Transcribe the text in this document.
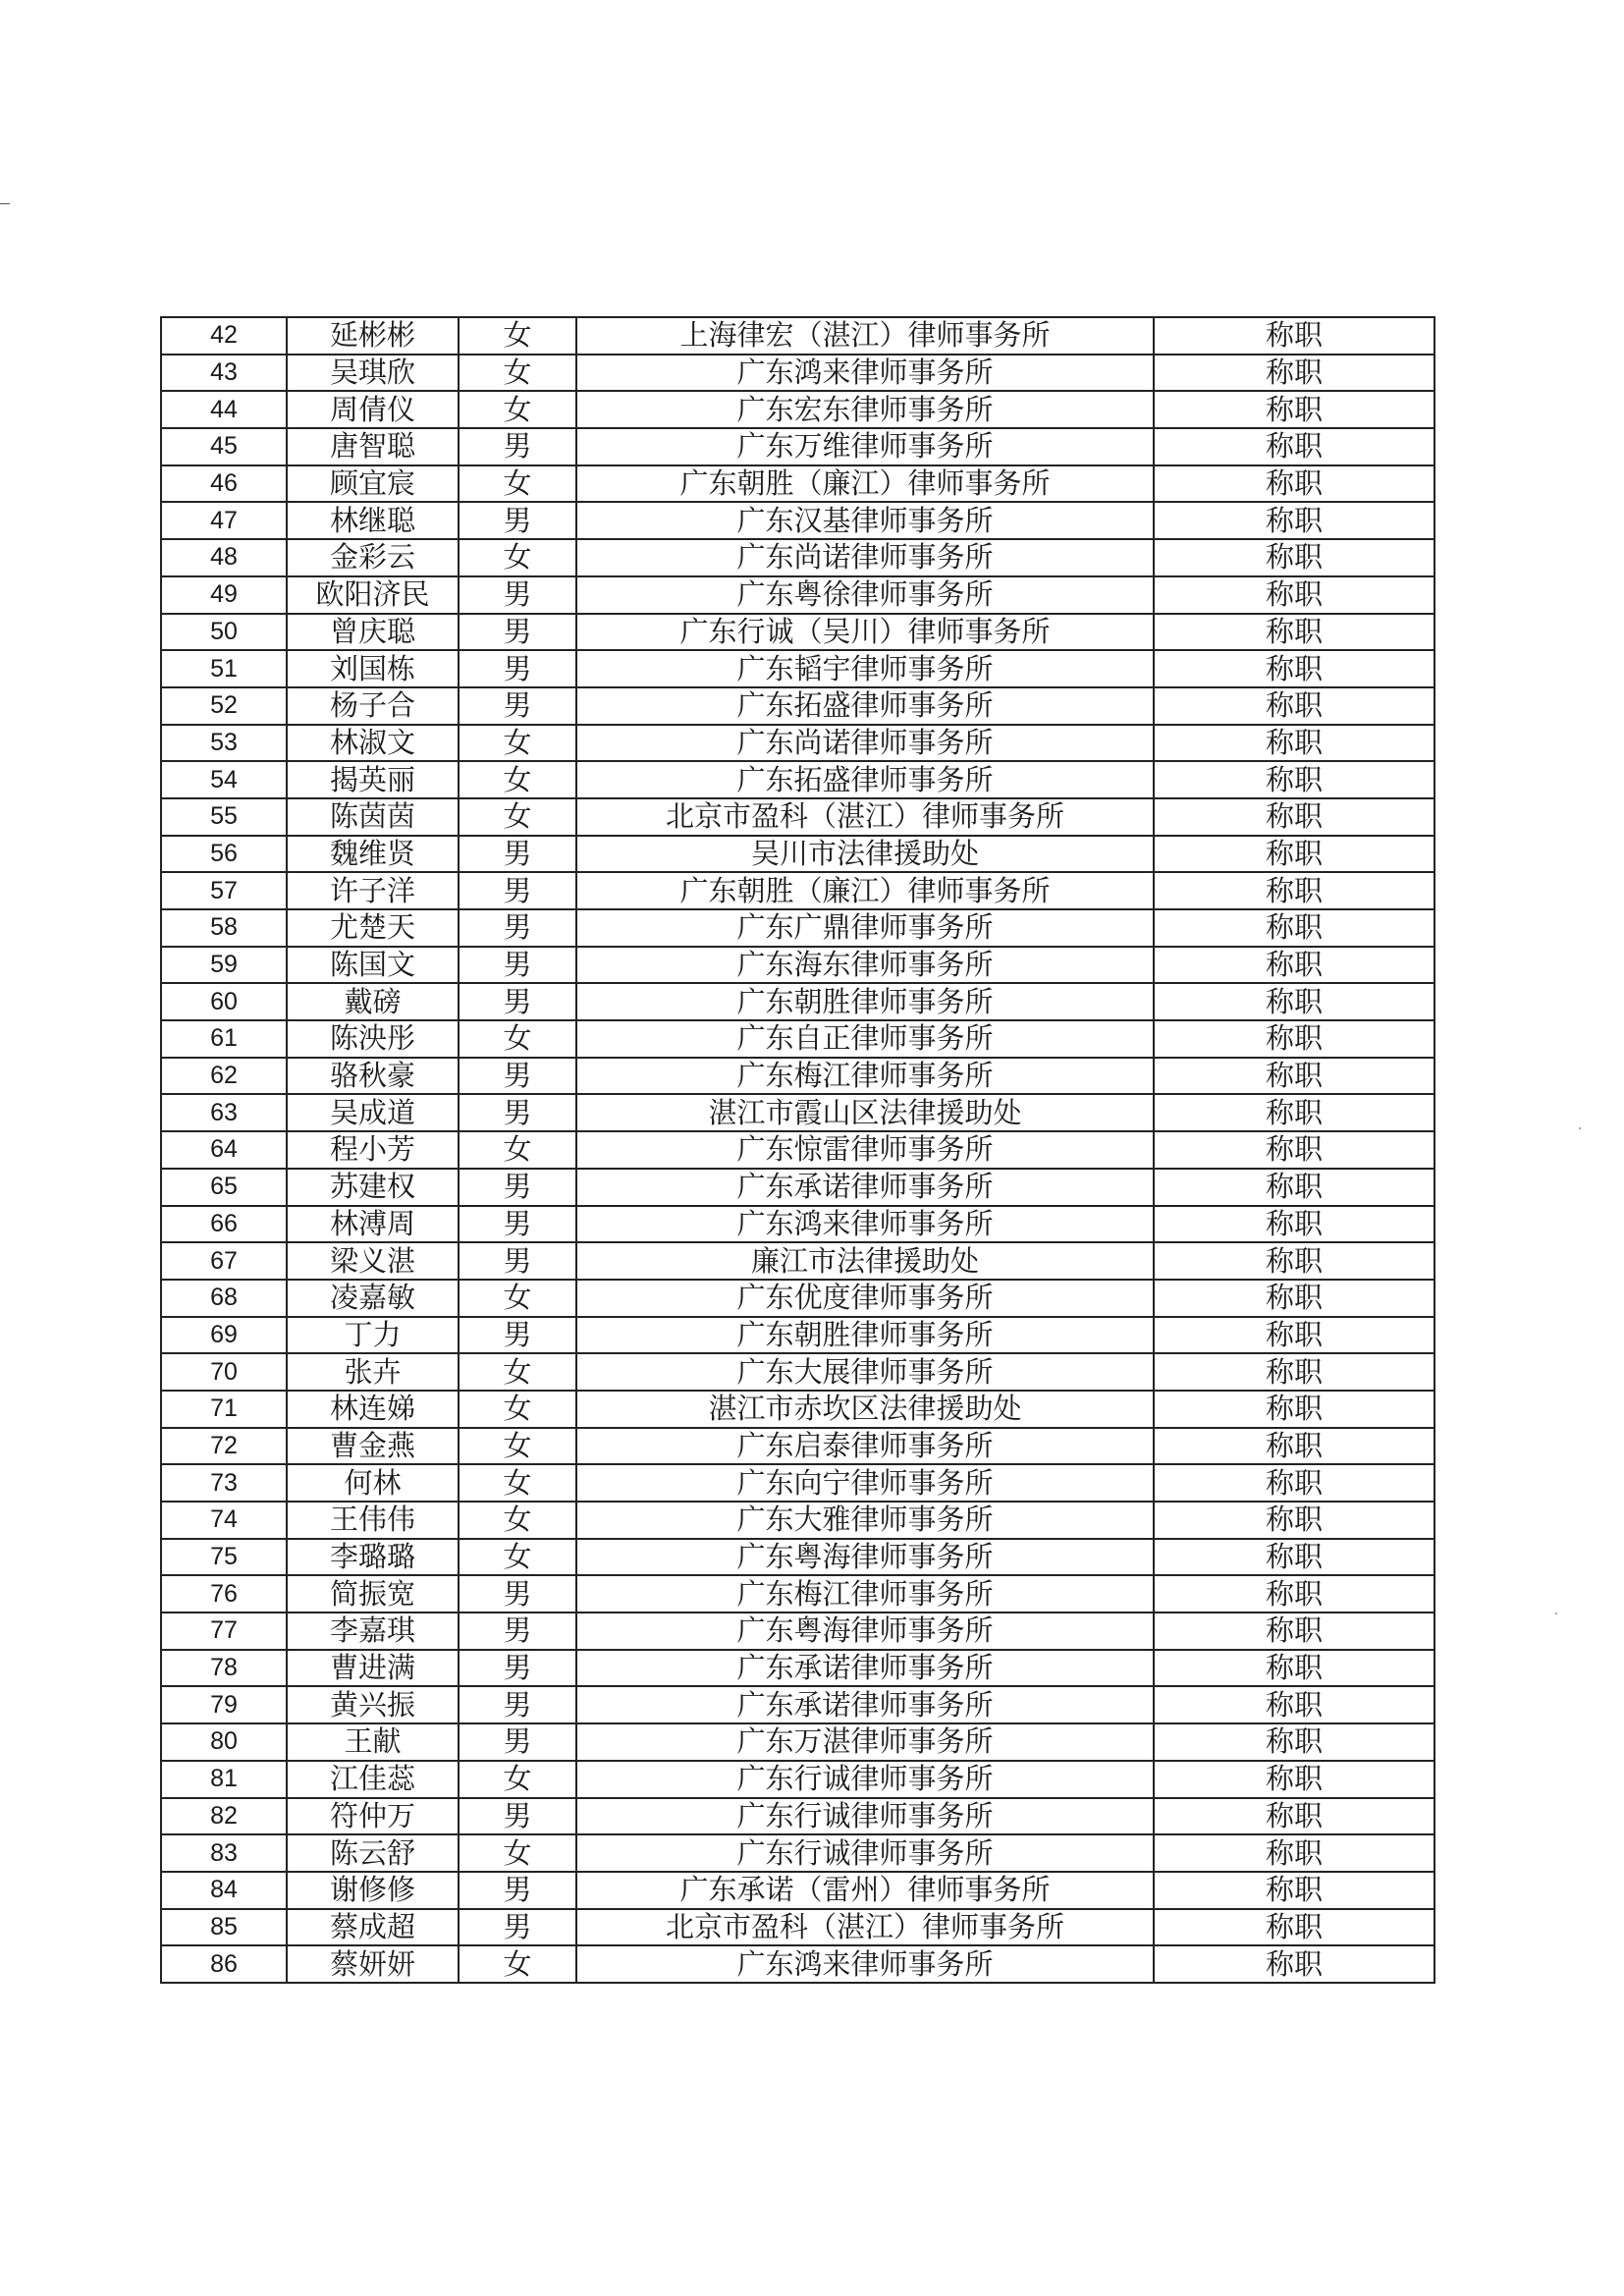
42	延彬彬	女	上海律宏（湛江）律师事务所	称职
43	吴琪欣	女	广东鸿来律师事务所	称职
44	周倩仪	女	广东宏东律师事务所	称职
45	唐智聪	男	广东万维律师事务所	称职
46	顾宜宸	女	广东朝胜（廉江）律师事务所	称职
47	林继聪	男	广东汉基律师事务所	称职
48	金彩云	女	广东尚诺律师事务所	称职
49	欧阳济民	男	广东粤徐律师事务所	称职
50	曾庆聪	男	广东行诚（吴川）律师事务所	称职
51	刘国栋	男	广东韬宇律师事务所	称职
52	杨子合	男	广东拓盛律师事务所	称职
53	林淑文	女	广东尚诺律师事务所	称职
54	揭英丽	女	广东拓盛律师事务所	称职
55	陈茵茵	女	北京市盈科（湛江）律师事务所	称职
56	魏维贤	男	吴川市法律援助处	称职
57	许子洋	男	广东朝胜（廉江）律师事务所	称职
58	尤楚天	男	广东广鼎律师事务所	称职
59	陈国文	男	广东海东律师事务所	称职
60	戴磅	男	广东朝胜律师事务所	称职
61	陈泱彤	女	广东自正律师事务所	称职
62	骆秋豪	男	广东梅江律师事务所	称职
63	吴成道	男	湛江市霞山区法律援助处	称职
64	程小芳	女	广东惊雷律师事务所	称职
65	苏建权	男	广东承诺律师事务所	称职
66	林溥周	男	广东鸿来律师事务所	称职
67	梁义湛	男	廉江市法律援助处	称职
68	凌嘉敏	女	广东优度律师事务所	称职
69	丁力	男	广东朝胜律师事务所	称职
70	张卉	女	广东大展律师事务所	称职
71	林连娣	女	湛江市赤坎区法律援助处	称职
72	曹金燕	女	广东启泰律师事务所	称职
73	何林	女	广东向宁律师事务所	称职
74	王伟伟	女	广东大雅律师事务所	称职
75	李璐璐	女	广东粤海律师事务所	称职
76	简振宽	男	广东梅江律师事务所	称职
77	李嘉琪	男	广东粤海律师事务所	称职
78	曹进满	男	广东承诺律师事务所	称职
79	黄兴振	男	广东承诺律师事务所	称职
80	王献	男	广东万湛律师事务所	称职
81	江佳蕊	女	广东行诚律师事务所	称职
82	符仲万	男	广东行诚律师事务所	称职
83	陈云舒	女	广东行诚律师事务所	称职
84	谢修修	男	广东承诺（雷州）律师事务所	称职
85	蔡成超	男	北京市盈科（湛江）律师事务所	称职
86	蔡妍妍	女	广东鸿来律师事务所	称职
